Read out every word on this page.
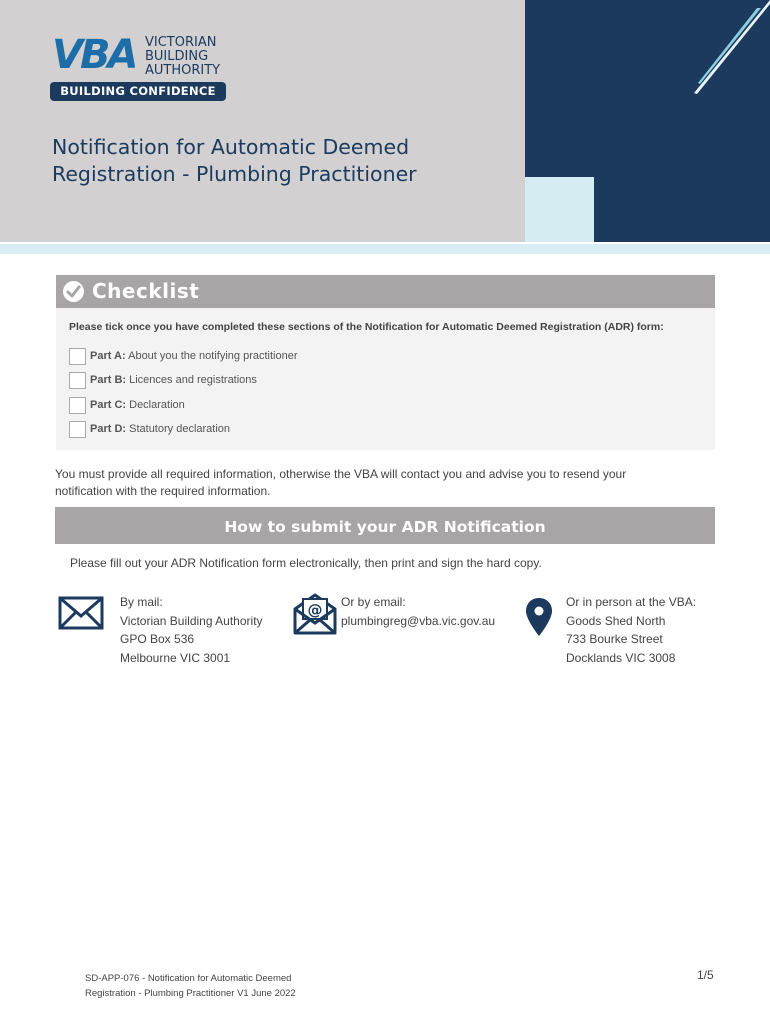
VBA VICTORIAN
BUILDING
AUTHORITY
BUILDING CONFIDENCE
Notification for Automatic Deemed
Registration - Plumbing Practitioner
Checklist
Please tick once you have completed these sections of the Notification for Automatic Deemed Registration (ADR) form:
Part A: About you the notifying practitioner
Part B: Licences and registrations
Part C: Declaration
Part D: Statutory declaration
You must provide all required information, otherwise the VBA will contact you and advise you to resend your
notification with the required information.
How to submit your ADR Notification
Please fill out your ADR Notification form electronically, then print and sign the hard copy.
By mail:
Victorian Building Authority
GPO Box 536
Melbourne VIC 3001
@ Or by email:
plumbingreg@vba.vic.gov.au
Or in person at the VBA:
Goods Shed North
733 Bourke Street
Docklands VIC 3008
SD-APP-076 - Notification for Automatic Deemed
Registration - Plumbing Practitioner V1 June 2022
1/5
